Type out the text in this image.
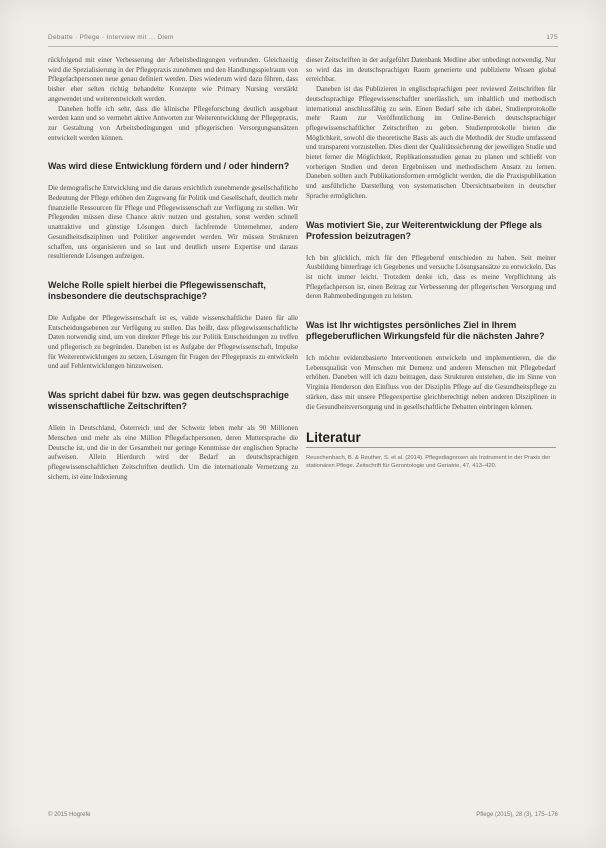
Debatte · Pflege · Interview mit ... Diem	175

rückfolgend mit einer Verbesserung der Arbeitsbedingungen verbunden. Gleichzeitig wird die Spezialisierung in der Pflegepraxis zunehmen und den Handlungsspielraum von Pflegefachpersonen neue genau definiert werden. Dies wiederum wird dazu führen, dass bisher eher selten richtig behandelte Konzepte wie Primary Nursing verstärkt angewendet und weiterentwickelt werden.

Daneben hoffe ich sehr, dass die klinische Pflegeforschung deutlich ausgebaut werden kann und so vermehrt aktive Antworten zur Weiterentwicklung der Pflegepraxis, zur Gestaltung von Arbeitsbedingungen und pflegerischen Versorgungsansätzen entwickelt werden können.

Was wird diese Entwicklung fördern und / oder hindern?

Die demografische Entwicklung und die daraus ersichtlich zunehmende gesellschaftliche Bedeutung der Pflege erhöhen den Zugzwang für Politik und Gesellschaft, deutlich mehr finanzielle Ressourcen für Pflege und Pflegewissenschaft zur Verfügung zu stellen. Wir Pflegenden müssen diese Chance aktiv nutzen und gestalten, sonst werden schnell unattraktive und günstige Lösungen durch fachfremde Unternehmer, andere Gesundheitsdisziplinen und Politiker angewendet werden. Wir müssen Strukturen schaffen, uns organisieren und so laut und deutlich unsere Expertise und daraus resultierende Lösungen aufzeigen.

Welche Rolle spielt hierbei die Pflegewissenschaft, insbesondere die deutschsprachige?

Die Aufgabe der Pflegewissenschaft ist es, valide wissenschaftliche Daten für alle Entscheidungsebenen zur Verfügung zu stellen. Das heißt, dass pflegewissenschaftliche Daten notwendig sind, um von direkter Pflege bis zur Politik Entscheidungen zu treffen und pflegerisch zu begründen. Daneben ist es Aufgabe der Pflegewissenschaft, Impulse für Weiterentwicklungen zu setzen, Lösungen für Fragen der Pflegepraxis zu entwickeln und auf Fehlentwicklungen hinzuweisen.

Was spricht dabei für bzw. was gegen deutschsprachige wissenschaftliche Zeitschriften?

Allein in Deutschland, Österreich und der Schweiz leben mehr als 90 Millionen Menschen und mehr als eine Million Pflegefachpersonen, deren Muttersprache die Deutsche ist, und die in der Gesamtheit nur geringe Kenntnisse der englischen Sprache aufweisen. Allein Hierdurch wird der Bedarf an deutschsprachigen pflegewissenschaftlichen Zeitschriften deutlich. Um die internationale Vernetzung zu sichern, ist eine Indexierung

dieser Zeitschriften in der aufgeführt Datenbank Medline aber unbedingt notwendig. Nur so wird das im deutschsprachigen Raum generierte und publizierte Wissen global erreichbar.

Daneben ist das Publizieren in englischsprachigen peer reviewed Zeitschriften für deutschsprachige Pflegewissenschaftler unerlässlich, um inhaltlich und methodisch international anschlussfähig zu sein. Einen Bedarf sehe ich dabei, Studienprotokolle mehr Raum zur Veröffentlichung im Online-Bereich deutschsprachiger pflegewissenschaftlicher Zeitschriften zu geben. Studienprotokolle bieten die Möglichkeit, sowohl die theoretische Basis als auch die Methodik der Studie umfassend und transparent vorzustellen. Dies dient der Qualitätssicherung der jeweiligen Studie und bietet ferner die Möglichkeit, Replikationsstudien genau zu planen und schließt von vorherigen Studien und deren Ergebnissen und methodischem Ansatz zu lernen. Daneben sollten auch Publikationsformen ermöglicht werden, die die Praxispublikation und ausführliche Darstellung von systematischen Übersichtsarbeiten in deutscher Sprache ermöglichen.

Was motiviert Sie, zur Weiterentwicklung der Pflege als Profession beizutragen?

Ich bin glücklich, mich für den Pflegeberuf entschieden zu haben. Seit meiner Ausbildung hinterfrage ich Gegebenes und versuche Lösungsansätze zu entwickeln. Das ist nicht immer leicht. Trotzdem denke ich, dass es meine Verpflichtung als Pflegefachperson ist, einen Beitrag zur Verbesserung der pflegerischen Versorgung und deren Rahmenbedingungen zu leisten.

Was ist Ihr wichtigstes persönliches Ziel in Ihrem pflegeberuflichen Wirkungsfeld für die nächsten Jahre?

Ich möchte evidenzbasierte Interventionen entwickeln und implementieren, die die Lebensqualität von Menschen mit Demenz und anderen Menschen mit Pflegebedarf erhöhen. Daneben will ich dazu beitragen, dass Strukturen entstehen, die im Sinne von Virginia Henderson den Einfluss von der Disziplin Pflege auf die Gesundheitspflege zu stärken, dass mit unsere Pflegeexpertise gleichberechtigt neben anderen Disziplinen in die Gesundheitsversorgung und in gesellschaftliche Debatten einbringen können.

Literatur

Reuschenbach, B. & Reuther, S. et al. (2014). Pflegediagnosen als Instrument in der Praxis der stationären Pflege. Zeitschrift für Gerontologie und Geriatrie, 47, 413–420.

© 2015 Hogrefe	Pflege (2015), 28 (3), 175–176
